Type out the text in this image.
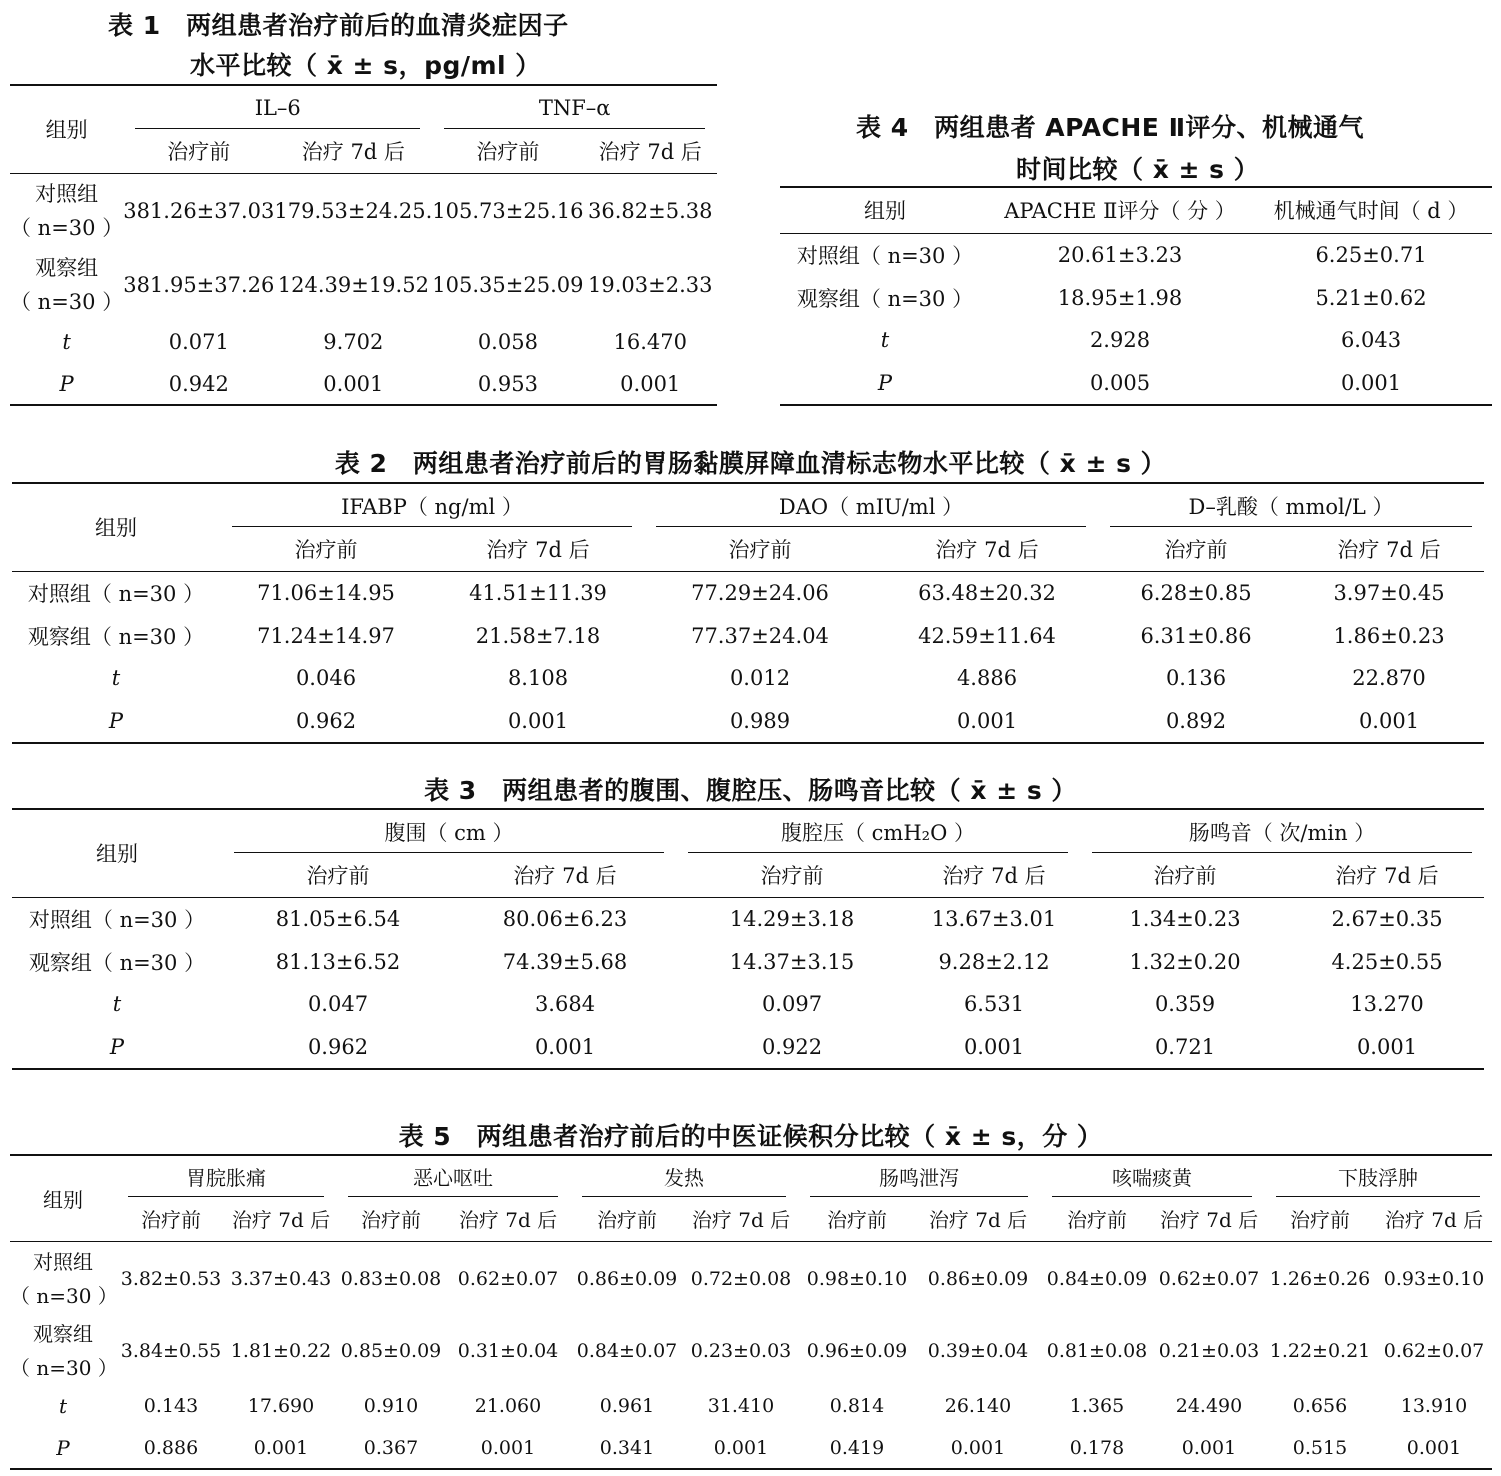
表 1　两组患者治疗前后的血清炎症因子
水平比较（ x̄ ± s，pg/ml ）
组别	IL–6		TNF–α	
	治疗前	治疗 7d 后	治疗前	治疗 7d 后

对照组
（ n=30 ）	381.26±37.03	179.53±24.25.	105.73±25.16	36.82±5.38

观察组
（ n=30 ）	381.95±37.26	124.39±19.52	105.35±25.09	19.03±2.33
t	0.071	9.702	0.058	16.470
P	0.942	0.001	0.953	0.001
表 4　两组患者 APACHE Ⅱ评分、机械通气
时间比较（ x̄ ± s ）
组别	APACHE Ⅱ评分（ 分 ）	机械通气时间（ d ）
对照组（ n=30 ）	20.61±3.23	6.25±0.71
观察组（ n=30 ）	18.95±1.98	5.21±0.62
t	2.928	6.043
P	0.005	0.001
表 2　两组患者治疗前后的胃肠黏膜屏障血清标志物水平比较（ x̄ ± s ）
组别	IFABP（ ng/ml ）		DAO（ mIU/ml ）		D–乳酸（ mmol/L ）	
	治疗前	治疗 7d 后	治疗前	治疗 7d 后	治疗前	治疗 7d 后
对照组（ n=30 ）	71.06±14.95	41.51±11.39	77.29±24.06	63.48±20.32	6.28±0.85	3.97±0.45
观察组（ n=30 ）	71.24±14.97	21.58±7.18	77.37±24.04	42.59±11.64	6.31±0.86	1.86±0.23
t	0.046	8.108	0.012	4.886	0.136	22.870
P	0.962	0.001	0.989	0.001	0.892	0.001
表 3　两组患者的腹围、腹腔压、肠鸣音比较（ x̄ ± s ）
组别	腹围（ cm ）		腹腔压（ cmH₂O ）		肠鸣音（ 次/min ）	
	治疗前	治疗 7d 后	治疗前	治疗 7d 后	治疗前	治疗 7d 后
对照组（ n=30 ）	81.05±6.54	80.06±6.23	14.29±3.18	13.67±3.01	1.34±0.23	2.67±0.35
观察组（ n=30 ）	81.13±6.52	74.39±5.68	14.37±3.15	9.28±2.12	1.32±0.20	4.25±0.55
t	0.047	3.684	0.097	6.531	0.359	13.270
P	0.962	0.001	0.922	0.001	0.721	0.001
表 5　两组患者治疗前后的中医证候积分比较（ x̄ ± s，分 ）
组别	胃脘胀痛		恶心呕吐		发热		肠鸣泄泻		咳喘痰黄		下肢浮肿	
	治疗前	治疗 7d 后	治疗前	治疗 7d 后	治疗前	治疗 7d 后	治疗前	治疗 7d 后	治疗前	治疗 7d 后	治疗前	治疗 7d 后

对照组
（ n=30 ）	3.82±0.53	3.37±0.43	0.83±0.08	0.62±0.07	0.86±0.09	0.72±0.08	0.98±0.10	0.86±0.09	0.84±0.09	0.62±0.07	1.26±0.26	0.93±0.10

观察组
（ n=30 ）	3.84±0.55	1.81±0.22	0.85±0.09	0.31±0.04	0.84±0.07	0.23±0.03	0.96±0.09	0.39±0.04	0.81±0.08	0.21±0.03	1.22±0.21	0.62±0.07
t	0.143	17.690	0.910	21.060	0.961	31.410	0.814	26.140	1.365	24.490	0.656	13.910
P	0.886	0.001	0.367	0.001	0.341	0.001	0.419	0.001	0.178	0.001	0.515	0.001
